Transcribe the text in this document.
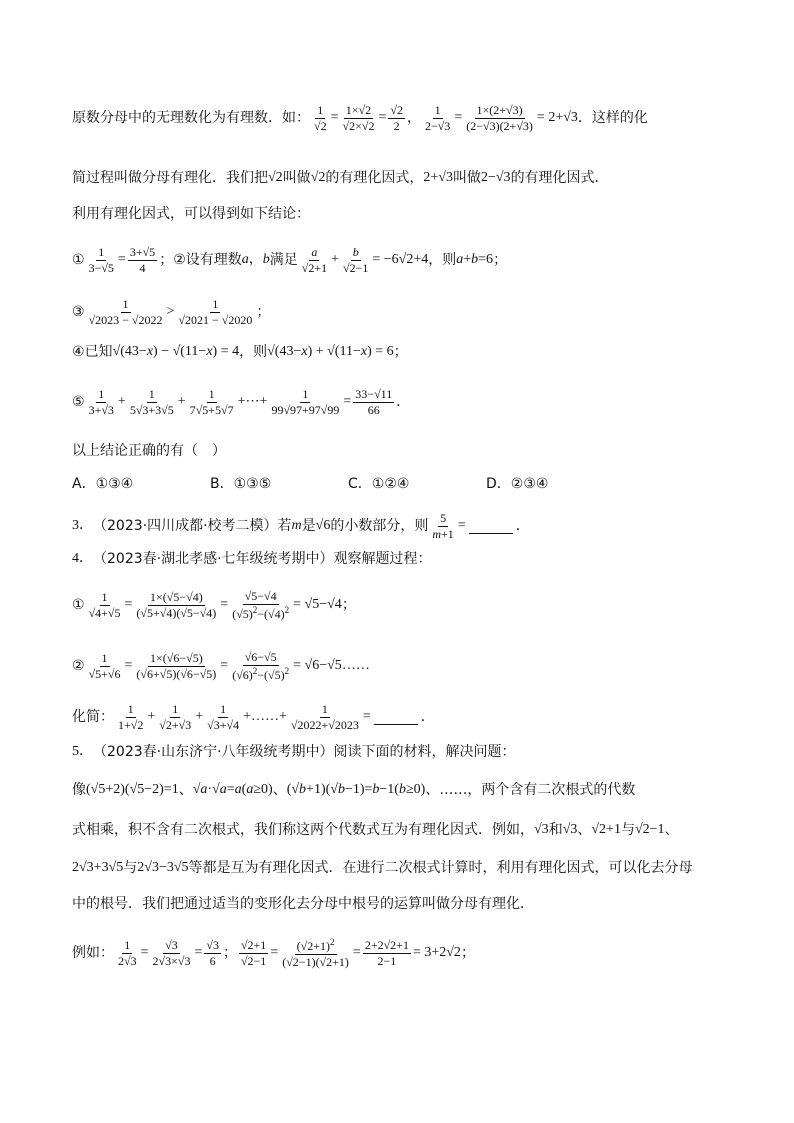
原数分母中的无理数化为有理数．如： $\frac{1}{√2} = \frac{1\times√2}{√2\times√2} = \frac{√2}{2}$ ， $\frac{1}{2-√3} = \frac{1\times(2+√3)}{(2-√3)(2+√3)} = 2+√3$ ．这样的化
简过程叫做分母有理化．我们把 √2 叫做 √2 的有理化因式， 2+√3 叫做 2−√3 的有理化因式．
利用有理化因式，可以得到如下结论：
① $\frac{1}{3-√5} = \frac{3+√5}{4}$ ； ② 设有理数 a ， b 满足 $\frac{a}{√2+1} + \frac{b}{√2-1} = -6√2+4$ ，则 a+b=6 ；
③ $\frac{1}{√2023 - √2022} > \frac{1}{√2021 - √2020}$ ；
④ 已知 √(43−x) − √(11−x) = 4 ，则 √(43−x) + √(11−x) = 6 ；
⑤ $\frac{1}{3+√3} + \frac{1}{5√3+3√5} + \frac{1}{7√5+5√7}$ +⋯+ $\frac{1}{99√97+97√99} = \frac{33-√11}{66}$ ．
以上结论正确的有（　）
A．①③④	B．①③⑤	C．①②④	D．②③④
3． （2023·四川成都·校考二模） 若 m 是 √6 的小数部分，则 $\frac{5}{m+1}$ =	．
4． （2023春·湖北孝感·七年级统考期中） 观察解题过程：
① $\frac{1}{√4+√5} = \frac{1\times(√5-√4)}{(√5+√4)(√5-√4)} = \frac{√5-√4}{(√5)^2-(√4)^2} = √5-√4$ ；
② $\frac{1}{√5+√6} = \frac{1\times(√6-√5)}{(√6+√5)(√6-√5)} = \frac{√6-√5}{(√6)^2-(√5)^2} = √6-√5$ ……
化简： $\frac{1}{1+√2} + \frac{1}{√2+√3} + \frac{1}{√3+√4}$ +……+ $\frac{1}{√2022+√2023}$ =	．
5． （2023春·山东济宁·八年级统考期中） 阅读下面的材料，解决问题：
像 (√5+2)(√5−2)=1 、 √a·√a=a(a≥0) 、 (√b+1)(√b−1)=b−1(b≥0) 、……，两个含有二次根式的代数
式相乘，积不含有二次根式，我们称这两个代数式互为有理化因式．例如， √3 和 √3 、 √2+1 与 √2−1 、
2√3+3√5 与 2√3−3√5 等都是互为有理化因式．在进行二次根式计算时，利用有理化因式，可以化去分母
中的根号．我们把通过适当的变形化去分母中根号的运算叫做分母有理化．
例如： $\frac{1}{2√3} = \frac{√3}{2√3\times√3} = \frac{√3}{6}$ ； $\frac{√2+1}{√2-1} = \frac{(√2+1)^2}{(√2-1)(√2+1)} = \frac{2+2√2+1}{2-1} = 3+2√2$ ；
